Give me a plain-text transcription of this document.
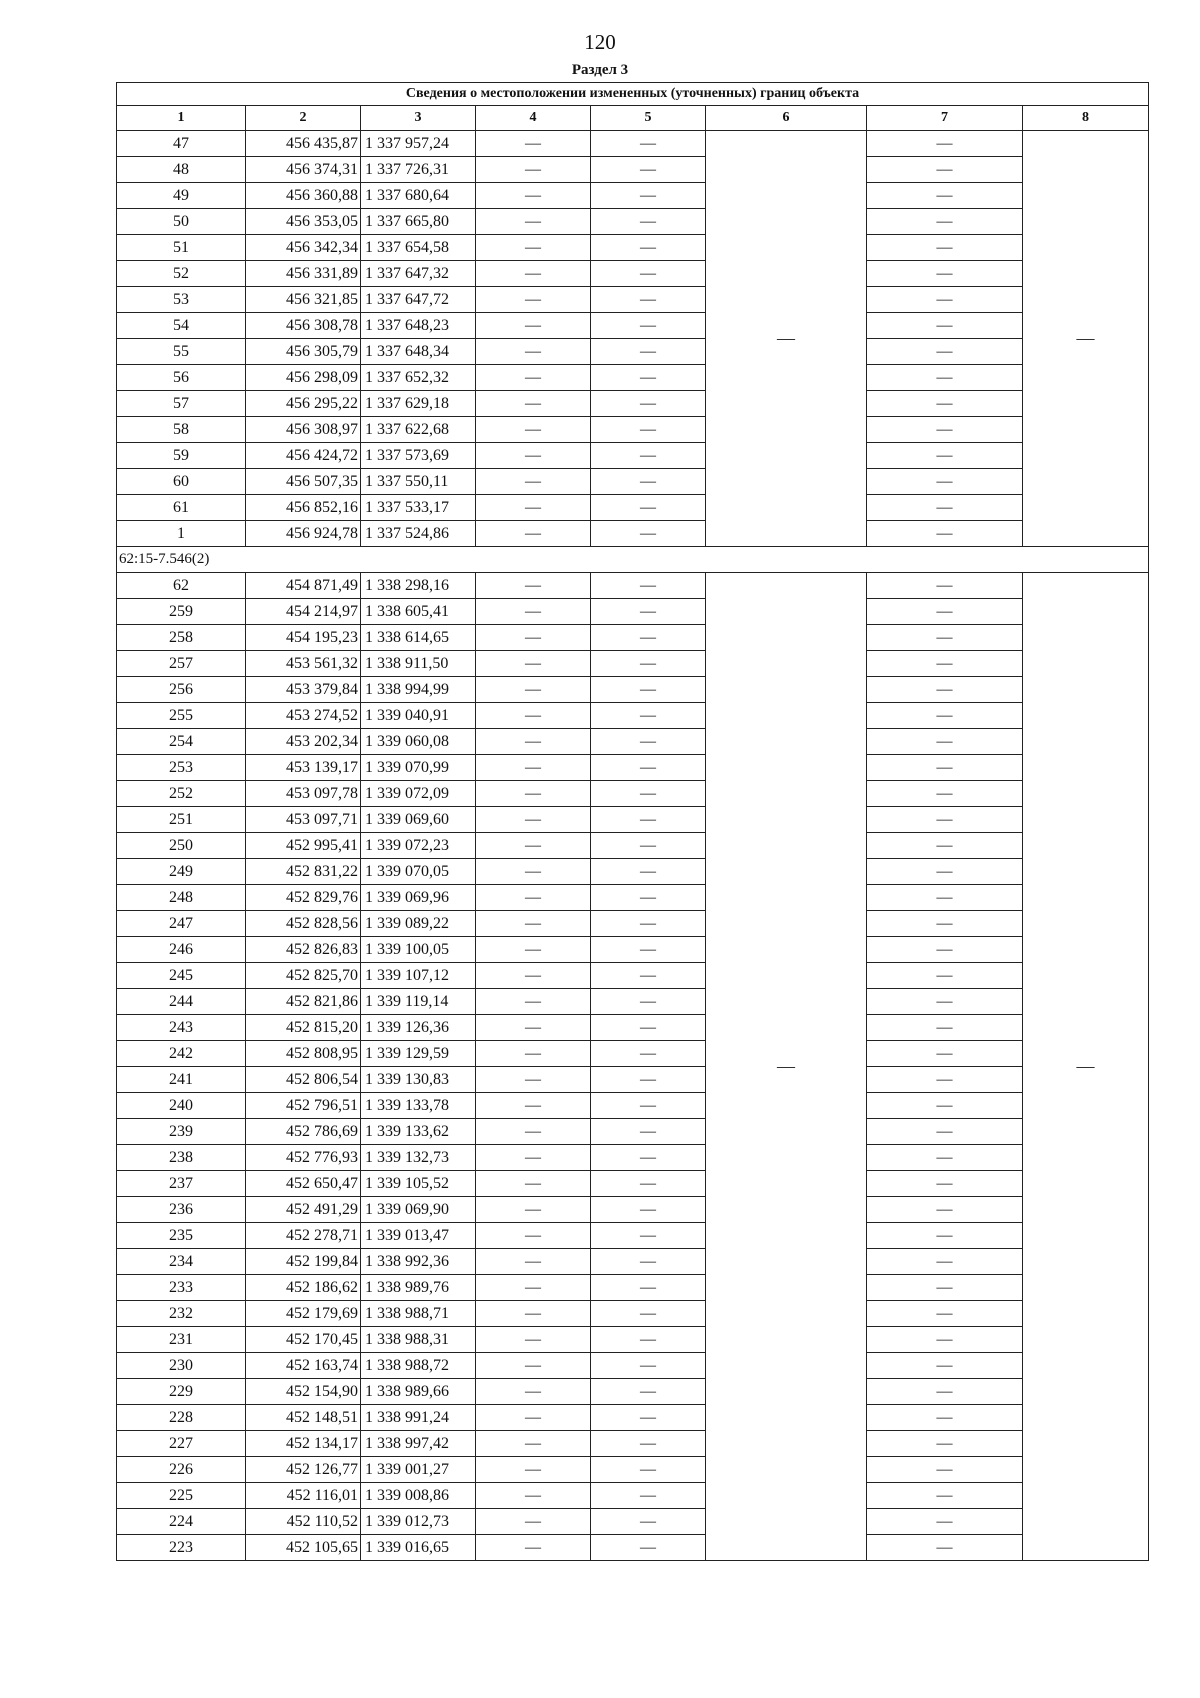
120
Раздел 3
Сведения о местоположении измененных (уточненных) границ объекта							
1	2	3	4	5	6	7	8
47	456 435,87	1 337 957,24	—	—	—	—	—
48	456 374,31	1 337 726,31	—	—		—	
49	456 360,88	1 337 680,64	—	—		—	
50	456 353,05	1 337 665,80	—	—		—	
51	456 342,34	1 337 654,58	—	—		—	
52	456 331,89	1 337 647,32	—	—		—	
53	456 321,85	1 337 647,72	—	—		—	
54	456 308,78	1 337 648,23	—	—		—	
55	456 305,79	1 337 648,34	—	—		—	
56	456 298,09	1 337 652,32	—	—		—	
57	456 295,22	1 337 629,18	—	—		—	
58	456 308,97	1 337 622,68	—	—		—	
59	456 424,72	1 337 573,69	—	—		—	
60	456 507,35	1 337 550,11	—	—		—	
61	456 852,16	1 337 533,17	—	—		—	
1	456 924,78	1 337 524,86	—	—		—	
62:15-7.546(2)							
62	454 871,49	1 338 298,16	—	—	—	—	—
259	454 214,97	1 338 605,41	—	—		—	
258	454 195,23	1 338 614,65	—	—		—	
257	453 561,32	1 338 911,50	—	—		—	
256	453 379,84	1 338 994,99	—	—		—	
255	453 274,52	1 339 040,91	—	—		—	
254	453 202,34	1 339 060,08	—	—		—	
253	453 139,17	1 339 070,99	—	—		—	
252	453 097,78	1 339 072,09	—	—		—	
251	453 097,71	1 339 069,60	—	—		—	
250	452 995,41	1 339 072,23	—	—		—	
249	452 831,22	1 339 070,05	—	—		—	
248	452 829,76	1 339 069,96	—	—		—	
247	452 828,56	1 339 089,22	—	—		—	
246	452 826,83	1 339 100,05	—	—		—	
245	452 825,70	1 339 107,12	—	—		—	
244	452 821,86	1 339 119,14	—	—		—	
243	452 815,20	1 339 126,36	—	—		—	
242	452 808,95	1 339 129,59	—	—		—	
241	452 806,54	1 339 130,83	—	—		—	
240	452 796,51	1 339 133,78	—	—		—	
239	452 786,69	1 339 133,62	—	—		—	
238	452 776,93	1 339 132,73	—	—		—	
237	452 650,47	1 339 105,52	—	—		—	
236	452 491,29	1 339 069,90	—	—		—	
235	452 278,71	1 339 013,47	—	—		—	
234	452 199,84	1 338 992,36	—	—		—	
233	452 186,62	1 338 989,76	—	—		—	
232	452 179,69	1 338 988,71	—	—		—	
231	452 170,45	1 338 988,31	—	—		—	
230	452 163,74	1 338 988,72	—	—		—	
229	452 154,90	1 338 989,66	—	—		—	
228	452 148,51	1 338 991,24	—	—		—	
227	452 134,17	1 338 997,42	—	—		—	
226	452 126,77	1 339 001,27	—	—		—	
225	452 116,01	1 339 008,86	—	—		—	
224	452 110,52	1 339 012,73	—	—		—	
223	452 105,65	1 339 016,65	—	—		—	
